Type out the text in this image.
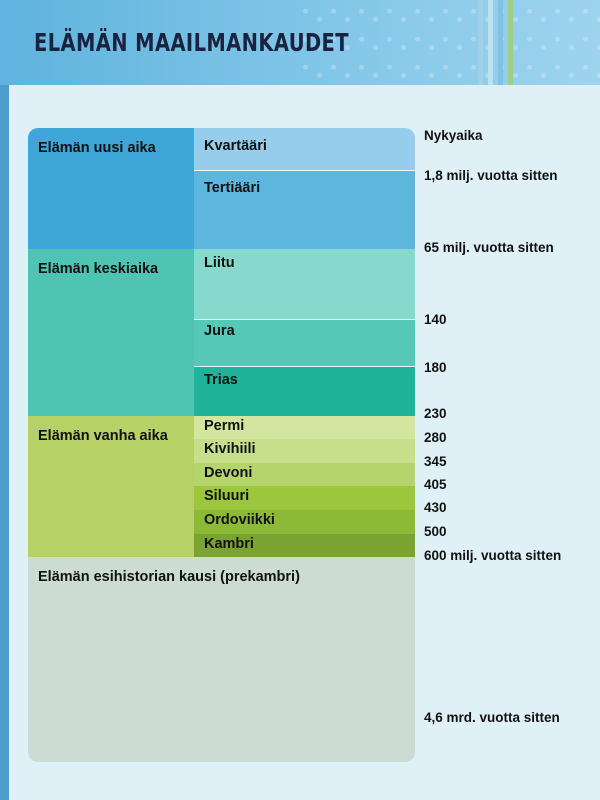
ELÄMÄN MAAILMANKAUDET
Elämän uusi aika
Elämän keskiaika
Elämän vanha aika
Elämän esihistorian kausi (prekambri)
Kvartääri
Tertiääri
Liitu
Jura
Trias
Permi
Kivihiili
Devoni
Siluuri
Ordoviikki
Kambri
Nykyaika
1,8 milj. vuotta sitten
65 milj. vuotta sitten
140
180
230
280
345
405
430
500
600 milj. vuotta sitten
4,6 mrd. vuotta sitten
